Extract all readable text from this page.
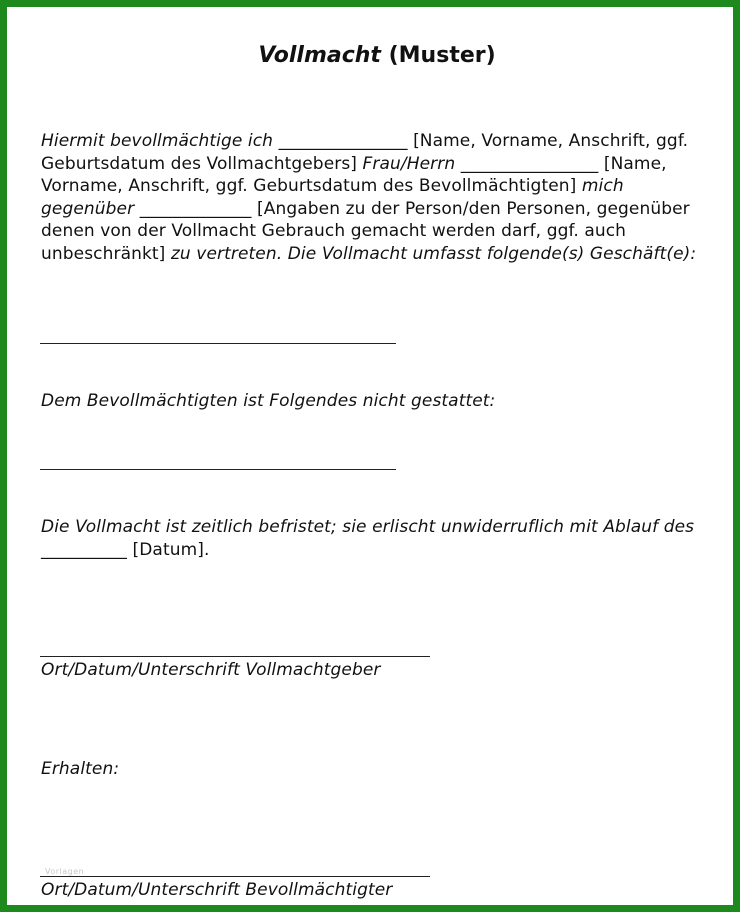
Vollmacht (Muster)
Hiermit bevollmächtige ich _______________ [Name, Vorname, Anschrift, ggf. Geburtsdatum des Vollmachtgebers] Frau/Herrn ________________ [Name, Vorname, Anschrift, ggf. Geburtsdatum des Bevollmächtigten] mich gegenüber _____________ [Angaben zu der Person/den Personen, gegenüber denen von der Vollmacht Gebrauch gemacht werden darf, ggf. auch unbeschränkt] zu vertreten. Die Vollmacht umfasst folgende(s) Geschäft(e):
Dem Bevollmächtigten ist Folgendes nicht gestattet:
Die Vollmacht ist zeitlich befristet; sie erlischt unwiderruflich mit Ablauf des __________ [Datum].
Ort/Datum/Unterschrift Vollmachtgeber
Erhalten:
Vorlagen
Ort/Datum/Unterschrift Bevollmächtigter
